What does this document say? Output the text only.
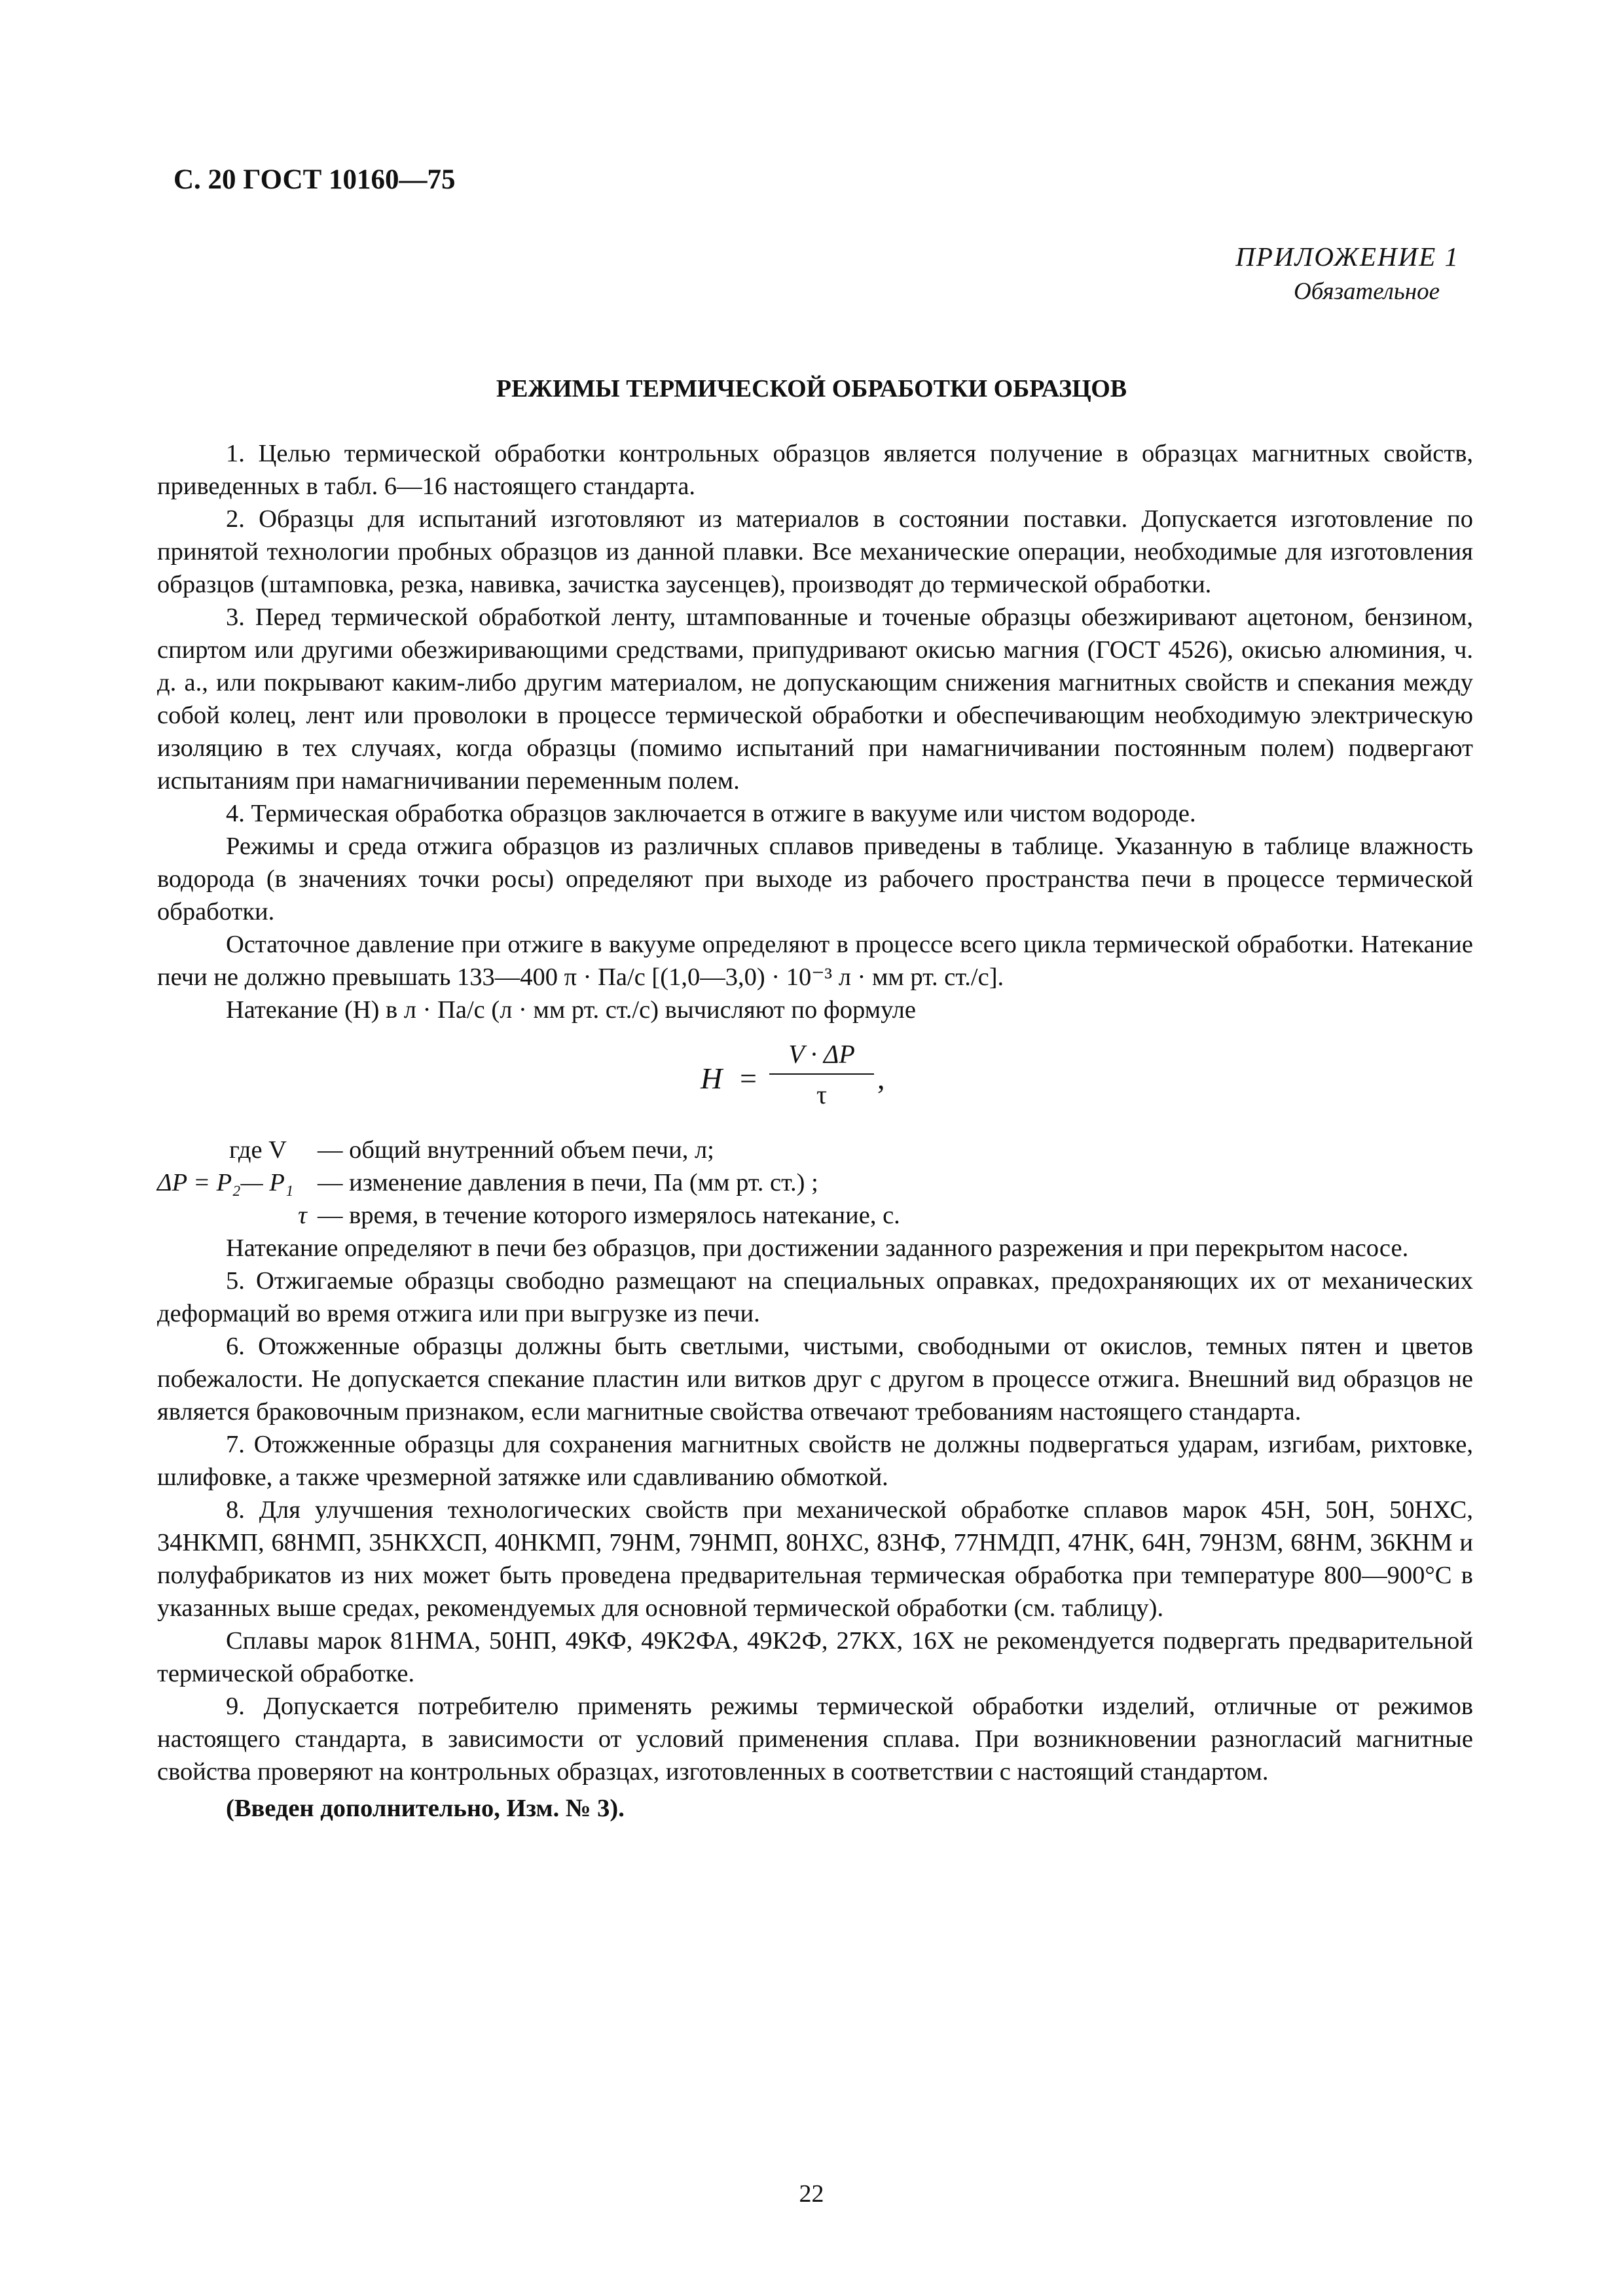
С. 20 ГОСТ 10160—75
ПРИЛОЖЕНИЕ 1
Обязательное
РЕЖИМЫ ТЕРМИЧЕСКОЙ ОБРАБОТКИ ОБРАЗЦОВ

1. Целью термической обработки контрольных образцов является получение в образцах магнитных свойств, приведенных в табл. 6—16 настоящего стандарта.

2. Образцы для испытаний изготовляют из материалов в состоянии поставки. Допускается изготовление по принятой технологии пробных образцов из данной плавки. Все механические операции, необходимые для изготовления образцов (штамповка, резка, навивка, зачистка заусенцев), производят до термической обработки.

3. Перед термической обработкой ленту, штампованные и точеные образцы обезжиривают ацетоном, бензином, спиртом или другими обезжиривающими средствами, припудривают окисью магния (ГОСТ 4526), окисью алюминия, ч. д. а., или покрывают каким-либо другим материалом, не допускающим снижения магнитных свойств и спекания между собой колец, лент или проволоки в процессе термической обработки и обеспечивающим необходимую электрическую изоляцию в тех случаях, когда образцы (помимо испытаний при намагничивании постоянным полем) подвергают испытаниям при намагничивании переменным полем.

4. Термическая обработка образцов заключается в отжиге в вакууме или чистом водороде.

Режимы и среда отжига образцов из различных сплавов приведены в таблице. Указанную в таблице влажность водорода (в значениях точки росы) определяют при выходе из рабочего пространства печи в процессе термической обработки.

Остаточное давление при отжиге в вакууме определяют в процессе всего цикла термической обработки. Натекание печи не должно превышать 133—400 π · Па/с [(1,0—3,0) · 10⁻³ л · мм рт. ст./с].

Натекание (Н) в л · Па/с (л · мм рт. ст./с) вычисляют по формуле

H =
V · ΔP
τ	,
где V — общий внутренний объем печи, л;
ΔP = P₂— P₁ — изменение давления в печи, Па (мм рт. ст.) ;
τ — время, в течение которого измерялось натекание, с.

Натекание определяют в печи без образцов, при достижении заданного разрежения и при перекрытом насосе.

5. Отжигаемые образцы свободно размещают на специальных оправках, предохраняющих их от механических деформаций во время отжига или при выгрузке из печи.

6. Отожженные образцы должны быть светлыми, чистыми, свободными от окислов, темных пятен и цветов побежалости. Не допускается спекание пластин или витков друг с другом в процессе отжига. Внешний вид образцов не является браковочным признаком, если магнитные свойства отвечают требованиям настоящего стандарта.

7. Отожженные образцы для сохранения магнитных свойств не должны подвергаться ударам, изгибам, рихтовке, шлифовке, а также чрезмерной затяжке или сдавливанию обмоткой.

8. Для улучшения технологических свойств при механической обработке сплавов марок 45Н, 50Н, 50НХС, 34НКМП, 68НМП, 35НКХСП, 40НКМП, 79НМ, 79НМП, 80НХС, 83НФ, 77НМДП, 47НК, 64Н, 79Н3М, 68НМ, 36КНМ и полуфабрикатов из них может быть проведена предварительная термическая обработка при температуре 800—900°С в указанных выше средах, рекомендуемых для основной термической обработки (см. таблицу).

Сплавы марок 81НМА, 50НП, 49КФ, 49К2ФА, 49К2Ф, 27КХ, 16Х не рекомендуется подвергать предварительной термической обработке.

9. Допускается потребителю применять режимы термической обработки изделий, отличные от режимов настоящего стандарта, в зависимости от условий применения сплава. При возникновении разногласий магнитные свойства проверяют на контрольных образцах, изготовленных в соответствии с настоящий стандартом.

(Введен дополнительно, Изм. № 3).

22
